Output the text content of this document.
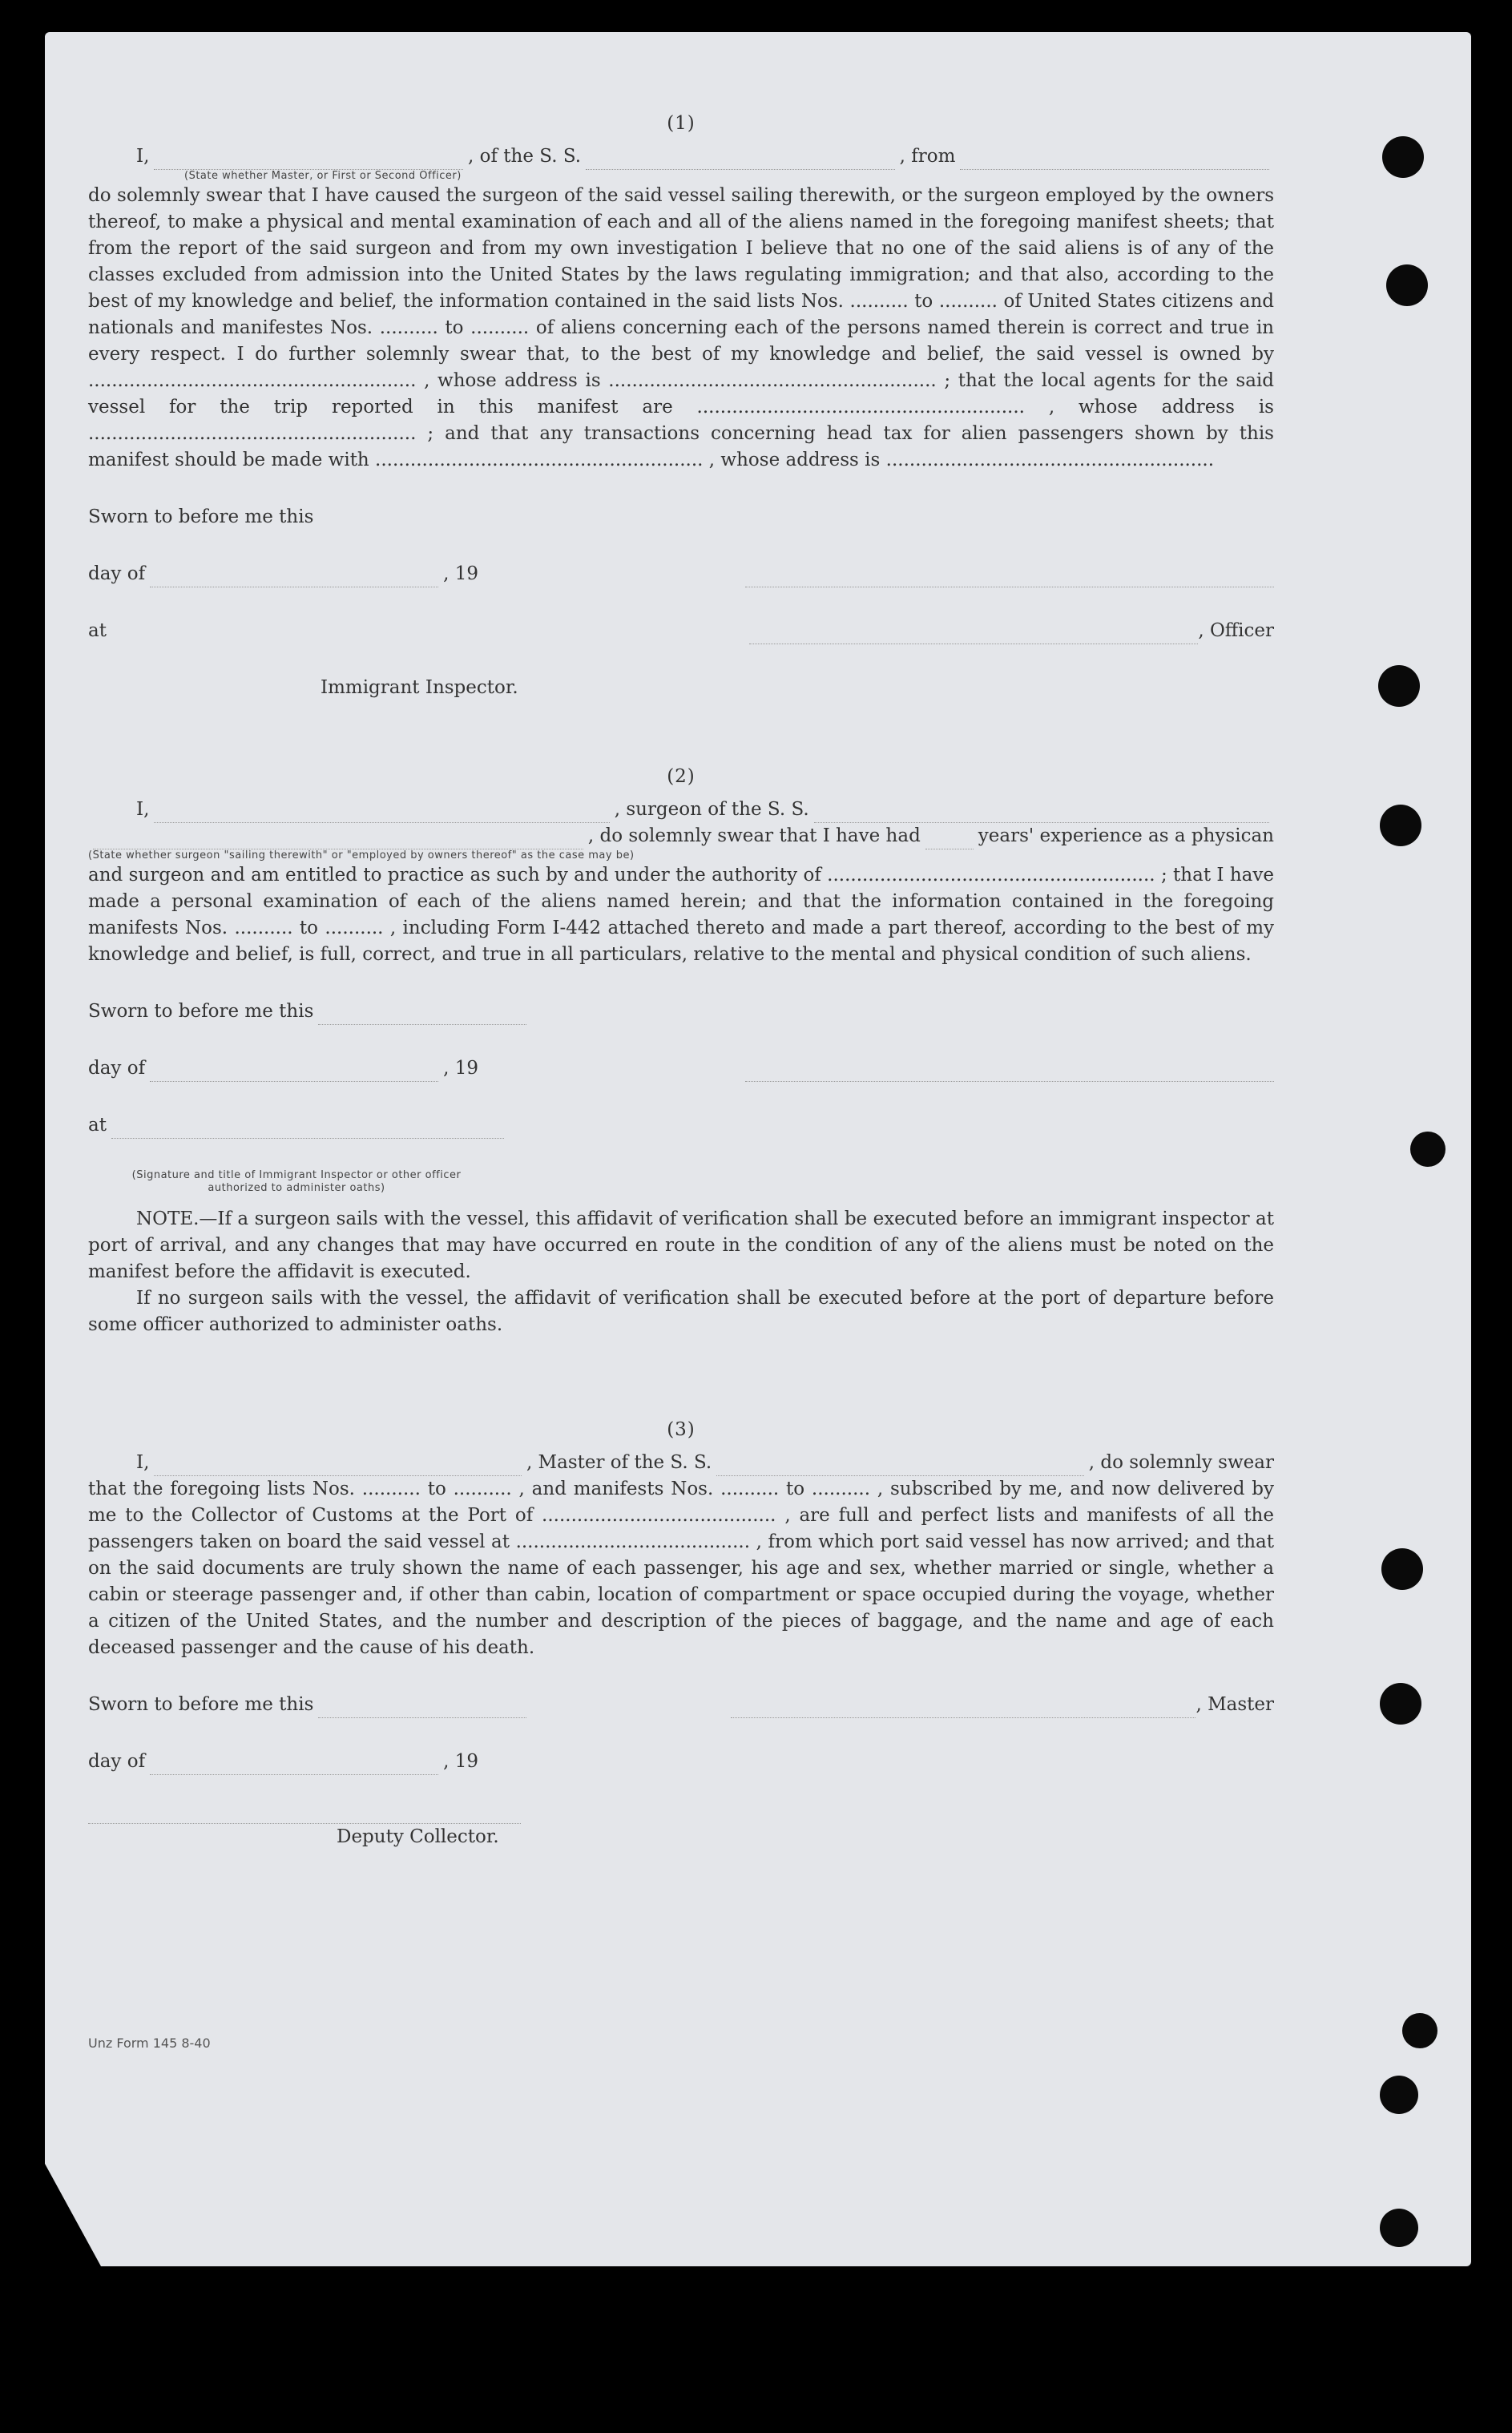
(1)
I,	, of the S. S.	, from
(State whether Master, or First or Second Officer)

do solemnly swear that I have caused the surgeon of the said vessel sailing therewith, or the surgeon employed by the owners thereof, to make a physical and mental examination of each and all of the aliens named in the foregoing manifest sheets; that from the report of the said surgeon and from my own investigation I believe that no one of the said aliens is of any of the classes excluded from admission into the United States by the laws regulating immigration; and that also, according to the best of my knowledge and belief, the information contained in the said lists Nos. .......... to .......... of United States citizens and nationals and manifestes Nos. .......... to .......... of aliens concerning each of the persons named therein is correct and true in every respect. I do further solemnly swear that, to the best of my knowledge and belief, the said vessel is owned by ........................................................ , whose address is ........................................................ ; that the local agents for the said vessel for the trip reported in this manifest are ........................................................ , whose address is ........................................................ ; and that any transactions concerning head tax for alien passengers shown by this manifest should be made with ........................................................ , whose address is ........................................................

Sworn to before me this
day of	, 19
at	, Officer
Immigrant Inspector.
(2)
I,	, surgeon of the S. S.
, do solemnly swear that I have had	years' experience as a physican
(State whether surgeon "sailing therewith" or "employed by owners thereof" as the case may be)

and surgeon and am entitled to practice as such by and under the authority of ........................................................ ; that I have made a personal examination of each of the aliens named herein; and that the information contained in the foregoing manifests Nos. .......... to .......... , including Form I-442 attached thereto and made a part thereof, according to the best of my knowledge and belief, is full, correct, and true in all particulars, relative to the mental and physical condition of such aliens.

Sworn to before me this
day of	, 19
at
(Signature and title of Immigrant Inspector or other officer authorized to administer oaths)

NOTE.—If a surgeon sails with the vessel, this affidavit of verification shall be executed before an immigrant inspector at port of arrival, and any changes that may have occurred en route in the condition of any of the aliens must be noted on the manifest before the affidavit is executed.

If no surgeon sails with the vessel, the affidavit of verification shall be executed before at the port of departure before some officer authorized to administer oaths.

(3)
I,	, Master of the S. S.	, do solemnly swear

that the foregoing lists Nos. .......... to .......... , and manifests Nos. .......... to .......... , subscribed by me, and now delivered by me to the Collector of Customs at the Port of ........................................ , are full and perfect lists and manifests of all the passengers taken on board the said vessel at ........................................ , from which port said vessel has now arrived; and that on the said documents are truly shown the name of each passenger, his age and sex, whether married or single, whether a cabin or steerage passenger and, if other than cabin, location of compartment or space occupied during the voyage, whether a citizen of the United States, and the number and description of the pieces of baggage, and the name and age of each deceased passenger and the cause of his death.

Sworn to before me this	, Master
day of	, 19
Deputy Collector.
Unz Form 145 8-40
